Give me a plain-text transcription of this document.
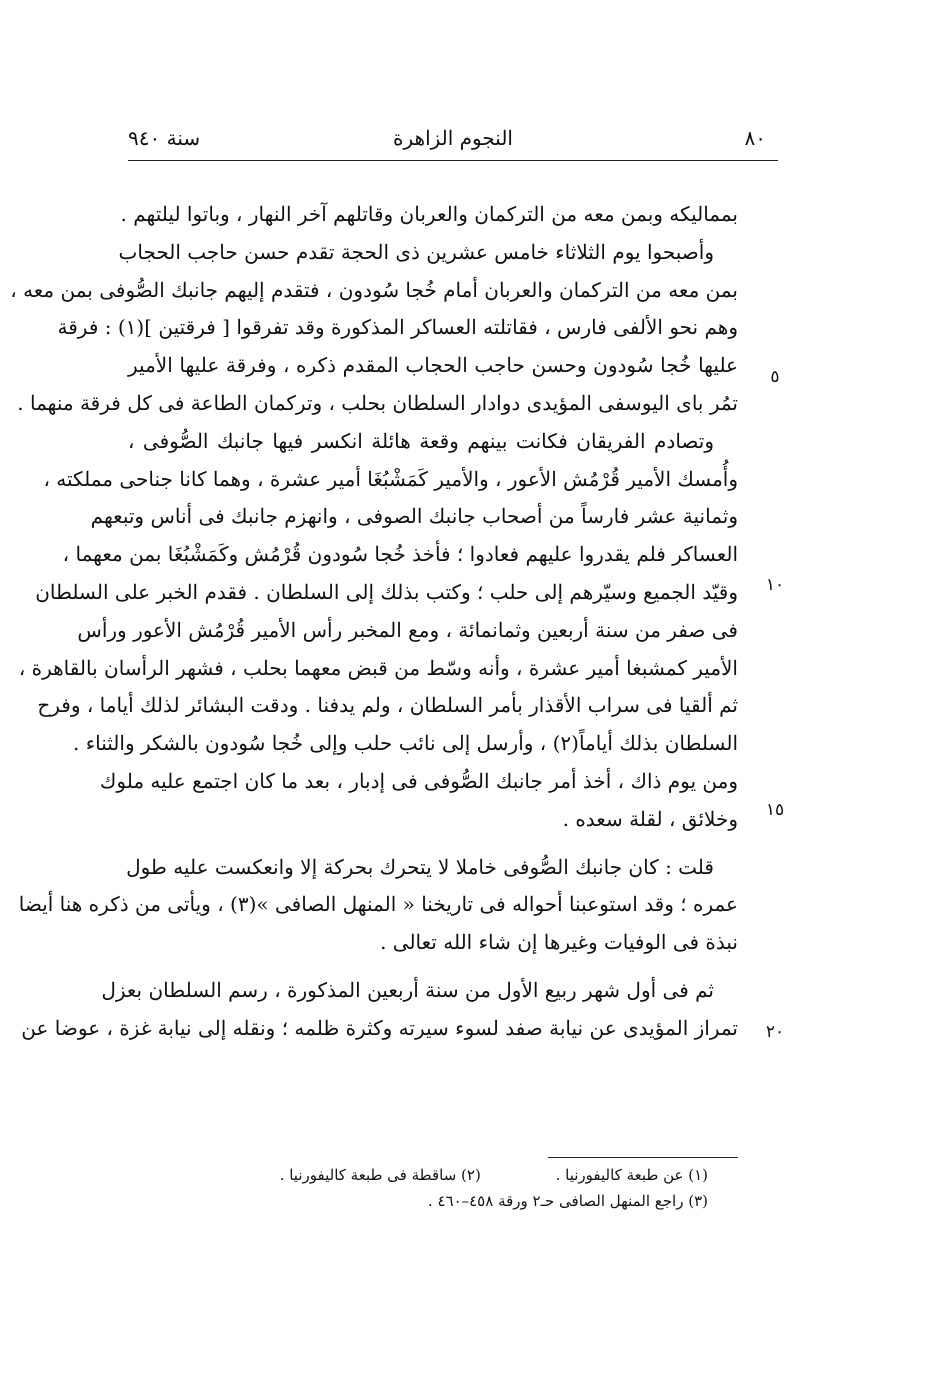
٨٠
النجوم الزاهرة
سنة ٩٤٠
٥
١٠
١٥
٢٠
بمماليكه وبمن معه من التركمان والعربان وقاتلهم آخر النهار ، وباتوا ليلتهم .
وأصبحوا يوم الثلاثاء خامس عشرين ذى الحجة تقدم حسن حاجب الحجاب
بمن معه من التركمان والعربان أمام خُجا سُودون ، فتقدم إليهم جانبك الصُّوفى بمن معه ،
وهم نحو الألفى فارس ، فقاتلته العساكر المذكورة وقد تفرقوا [ فرقتين ](١) : فرقة
عليها خُجا سُودون وحسن حاجب الحجاب المقدم ذكره ، وفرقة عليها الأمير
تمُر باى اليوسفى المؤيدى دوادار السلطان بحلب ، وتركمان الطاعة فى كل فرقة منهما .
وتصادم الفريقان فكانت بينهم وقعة هائلة انكسر فيها جانبك الصُّوفى ،
وأُمسك الأمير قُرْمُش الأعور ، والأمير كَمَشْبُغَا أمير عشرة ، وهما كانا جناحى مملكته ،
وثمانية عشر فارساً من أصحاب جانبك الصوفى ، وانهزم جانبك فى أناس وتبعهم
العساكر فلم يقدروا عليهم فعادوا ؛ فأخذ خُجا سُودون قُرْمُش وكَمَشْبُغَا بمن معهما ،
وقيّد الجميع وسيّرهم إلى حلب ؛ وكتب بذلك إلى السلطان . فقدم الخبر على السلطان
فى صفر من سنة أربعين وثمانمائة ، ومع المخبر رأس الأمير قُرْمُش الأعور ورأس
الأمير كمشبغا أمير عشرة ، وأنه وسّط من قبض معهما بحلب ، فشهر الرأسان بالقاهرة ،
ثم ألقيا فى سراب الأقذار بأمر السلطان ، ولم يدفنا . ودقت البشائر لذلك أياما ، وفرح
السلطان بذلك أياماً(٢) ، وأرسل إلى نائب حلب وإلى خُجا سُودون بالشكر والثناء .
ومن يوم ذاك ، أخذ أمر جانبك الصُّوفى فى إدبار ، بعد ما كان اجتمع عليه ملوك
وخلائق ، لقلة سعده .
قلت : كان جانبك الصُّوفى خاملا لا يتحرك بحركة إلا وانعكست عليه طول
عمره ؛ وقد استوعبنا أحواله فى تاريخنا « المنهل الصافى »(٣) ، ويأتى من ذكره هنا أيضا
نبذة فى الوفيات وغيرها إن شاء الله تعالى .
ثم فى أول شهر ربيع الأول من سنة أربعين المذكورة ، رسم السلطان بعزل
تمراز المؤيدى عن نيابة صفد لسوء سيرته وكثرة ظلمه ؛ ونقله إلى نيابة غزة ، عوضا عن
(١) عن طبعة كاليفورنيا . (٢) ساقطة فى طبعة كاليفورنيا .
(٣) راجع المنهل الصافى حـ٢ ورقة ٤٥٨–٤٦٠ .
